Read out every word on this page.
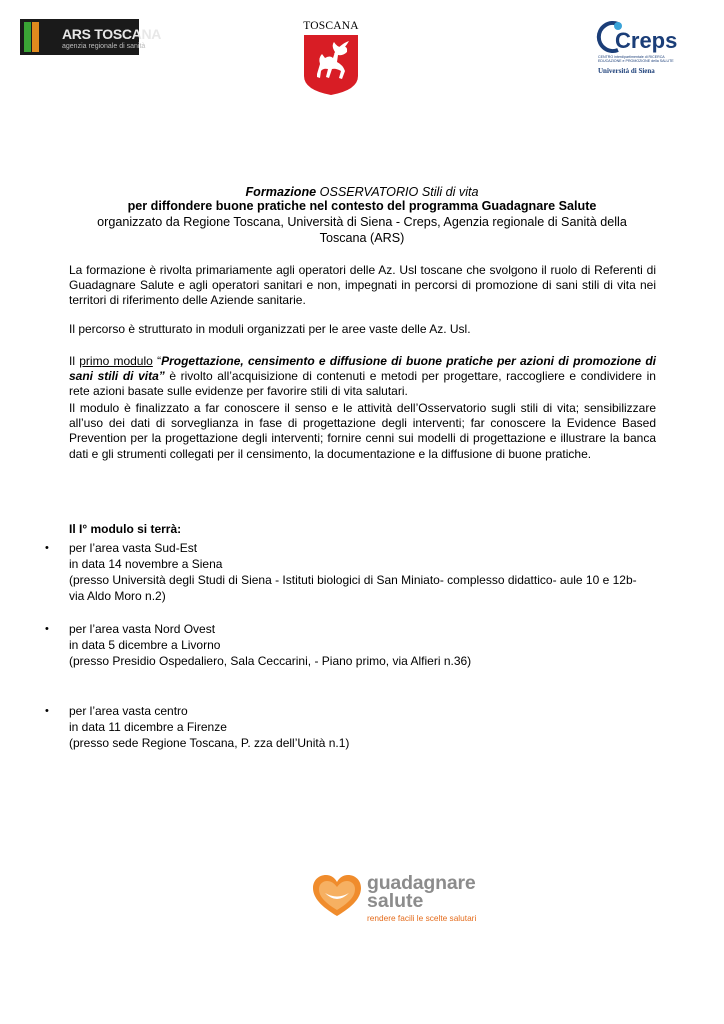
ARS TOSCANA
agenzia regionale di sanità
TOSCANA
Creps
CENTRO interdipartimentale di RICERCA
EDUCAZIONE e PROMOZIONE della SALUTE
Università di Siena
Formazione OSSERVATORIO Stili di vita
per diffondere buone pratiche nel contesto del programma Guadagnare Salute
organizzato da Regione Toscana, Università di Siena - Creps, Agenzia regionale di Sanità della
Toscana (ARS)
La formazione è rivolta primariamente agli operatori delle Az. Usl toscane che svolgono il ruolo di Referenti di Guadagnare Salute e agli operatori sanitari e non, impegnati in percorsi di promozione di sani stili di vita nei territori di riferimento delle Aziende sanitarie.
Il percorso è strutturato in moduli organizzati per le aree vaste delle Az. Usl.
Il primo modulo “Progettazione, censimento e diffusione di buone pratiche per azioni di promozione di sani stili di vita” è rivolto all’acquisizione di contenuti e metodi per progettare, raccogliere e condividere in rete azioni basate sulle evidenze per favorire stili di vita salutari.
Il modulo è finalizzato a far conoscere il senso e le attività dell’Osservatorio sugli stili di vita; sensibilizzare all’uso dei dati di sorveglianza in fase di progettazione degli interventi; far conoscere la Evidence Based Prevention per la progettazione degli interventi; fornire cenni sui modelli di progettazione e illustrare la banca dati e gli strumenti collegati per il censimento, la documentazione e la diffusione di buone pratiche.
Il I° modulo si terrà:
• per l’area vasta Sud-Est
in data 14 novembre a Siena
(presso Università degli Studi di Siena - Istituti biologici di San Miniato- complesso didattico- aule 10 e 12b-
via Aldo Moro n.2)
• per l’area vasta Nord Ovest
in data 5 dicembre a Livorno
(presso Presidio Ospedaliero, Sala Ceccarini, - Piano primo, via Alfieri n.36)
• per l’area vasta centro
in data 11 dicembre a Firenze
(presso sede Regione Toscana, P. zza dell’Unità n.1)
guadagnare
salute
rendere facili le scelte salutari
